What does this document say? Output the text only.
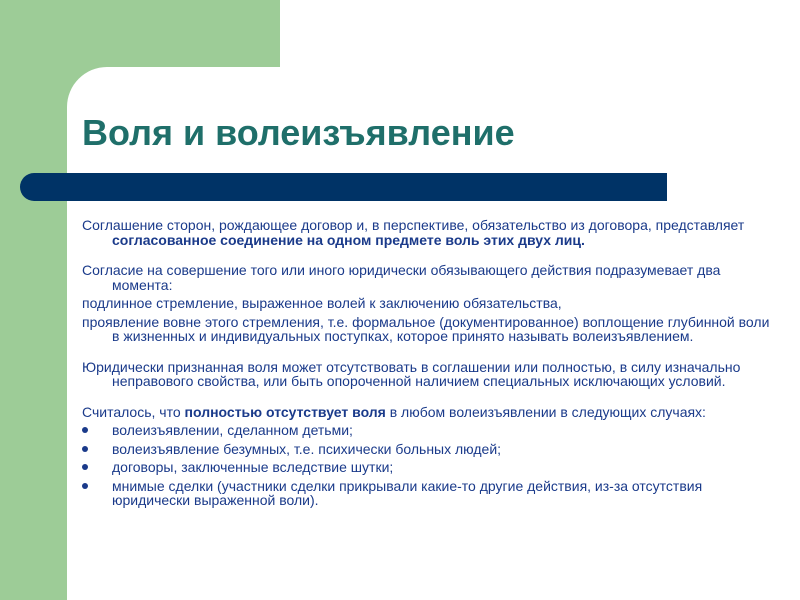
Воля и волеизъявление

Соглашение сторон, рождающее договор и, в перспективе, обязательство из договора, представляет согласованное соединение на одном предмете воль этих двух лиц.

Согласие на совершение того или иного юридически обязывающего действия подразумевает два момента:

подлинное стремление, выраженное волей к заключению обязательства,

проявление вовне этого стремления, т.е. формальное (документированное) воплощение глубинной воли в жизненных и индивидуальных поступках, которое принято называть волеизъявлением.

Юридически признанная воля может отсутствовать в соглашении или полностью, в силу изначально неправового свойства, или быть опороченной наличием специальных исключающих условий.

Считалось, что полностью отсутствует воля в любом волеизъявлении в следующих случаях:

волеизъявлении, сделанном детьми;
волеизъявление безумных, т.е. психически больных людей;
договоры, заключенные вследствие шутки;
мнимые сделки (участники сделки прикрывали какие-то другие действия, из-за отсутствия юридически выраженной воли).
